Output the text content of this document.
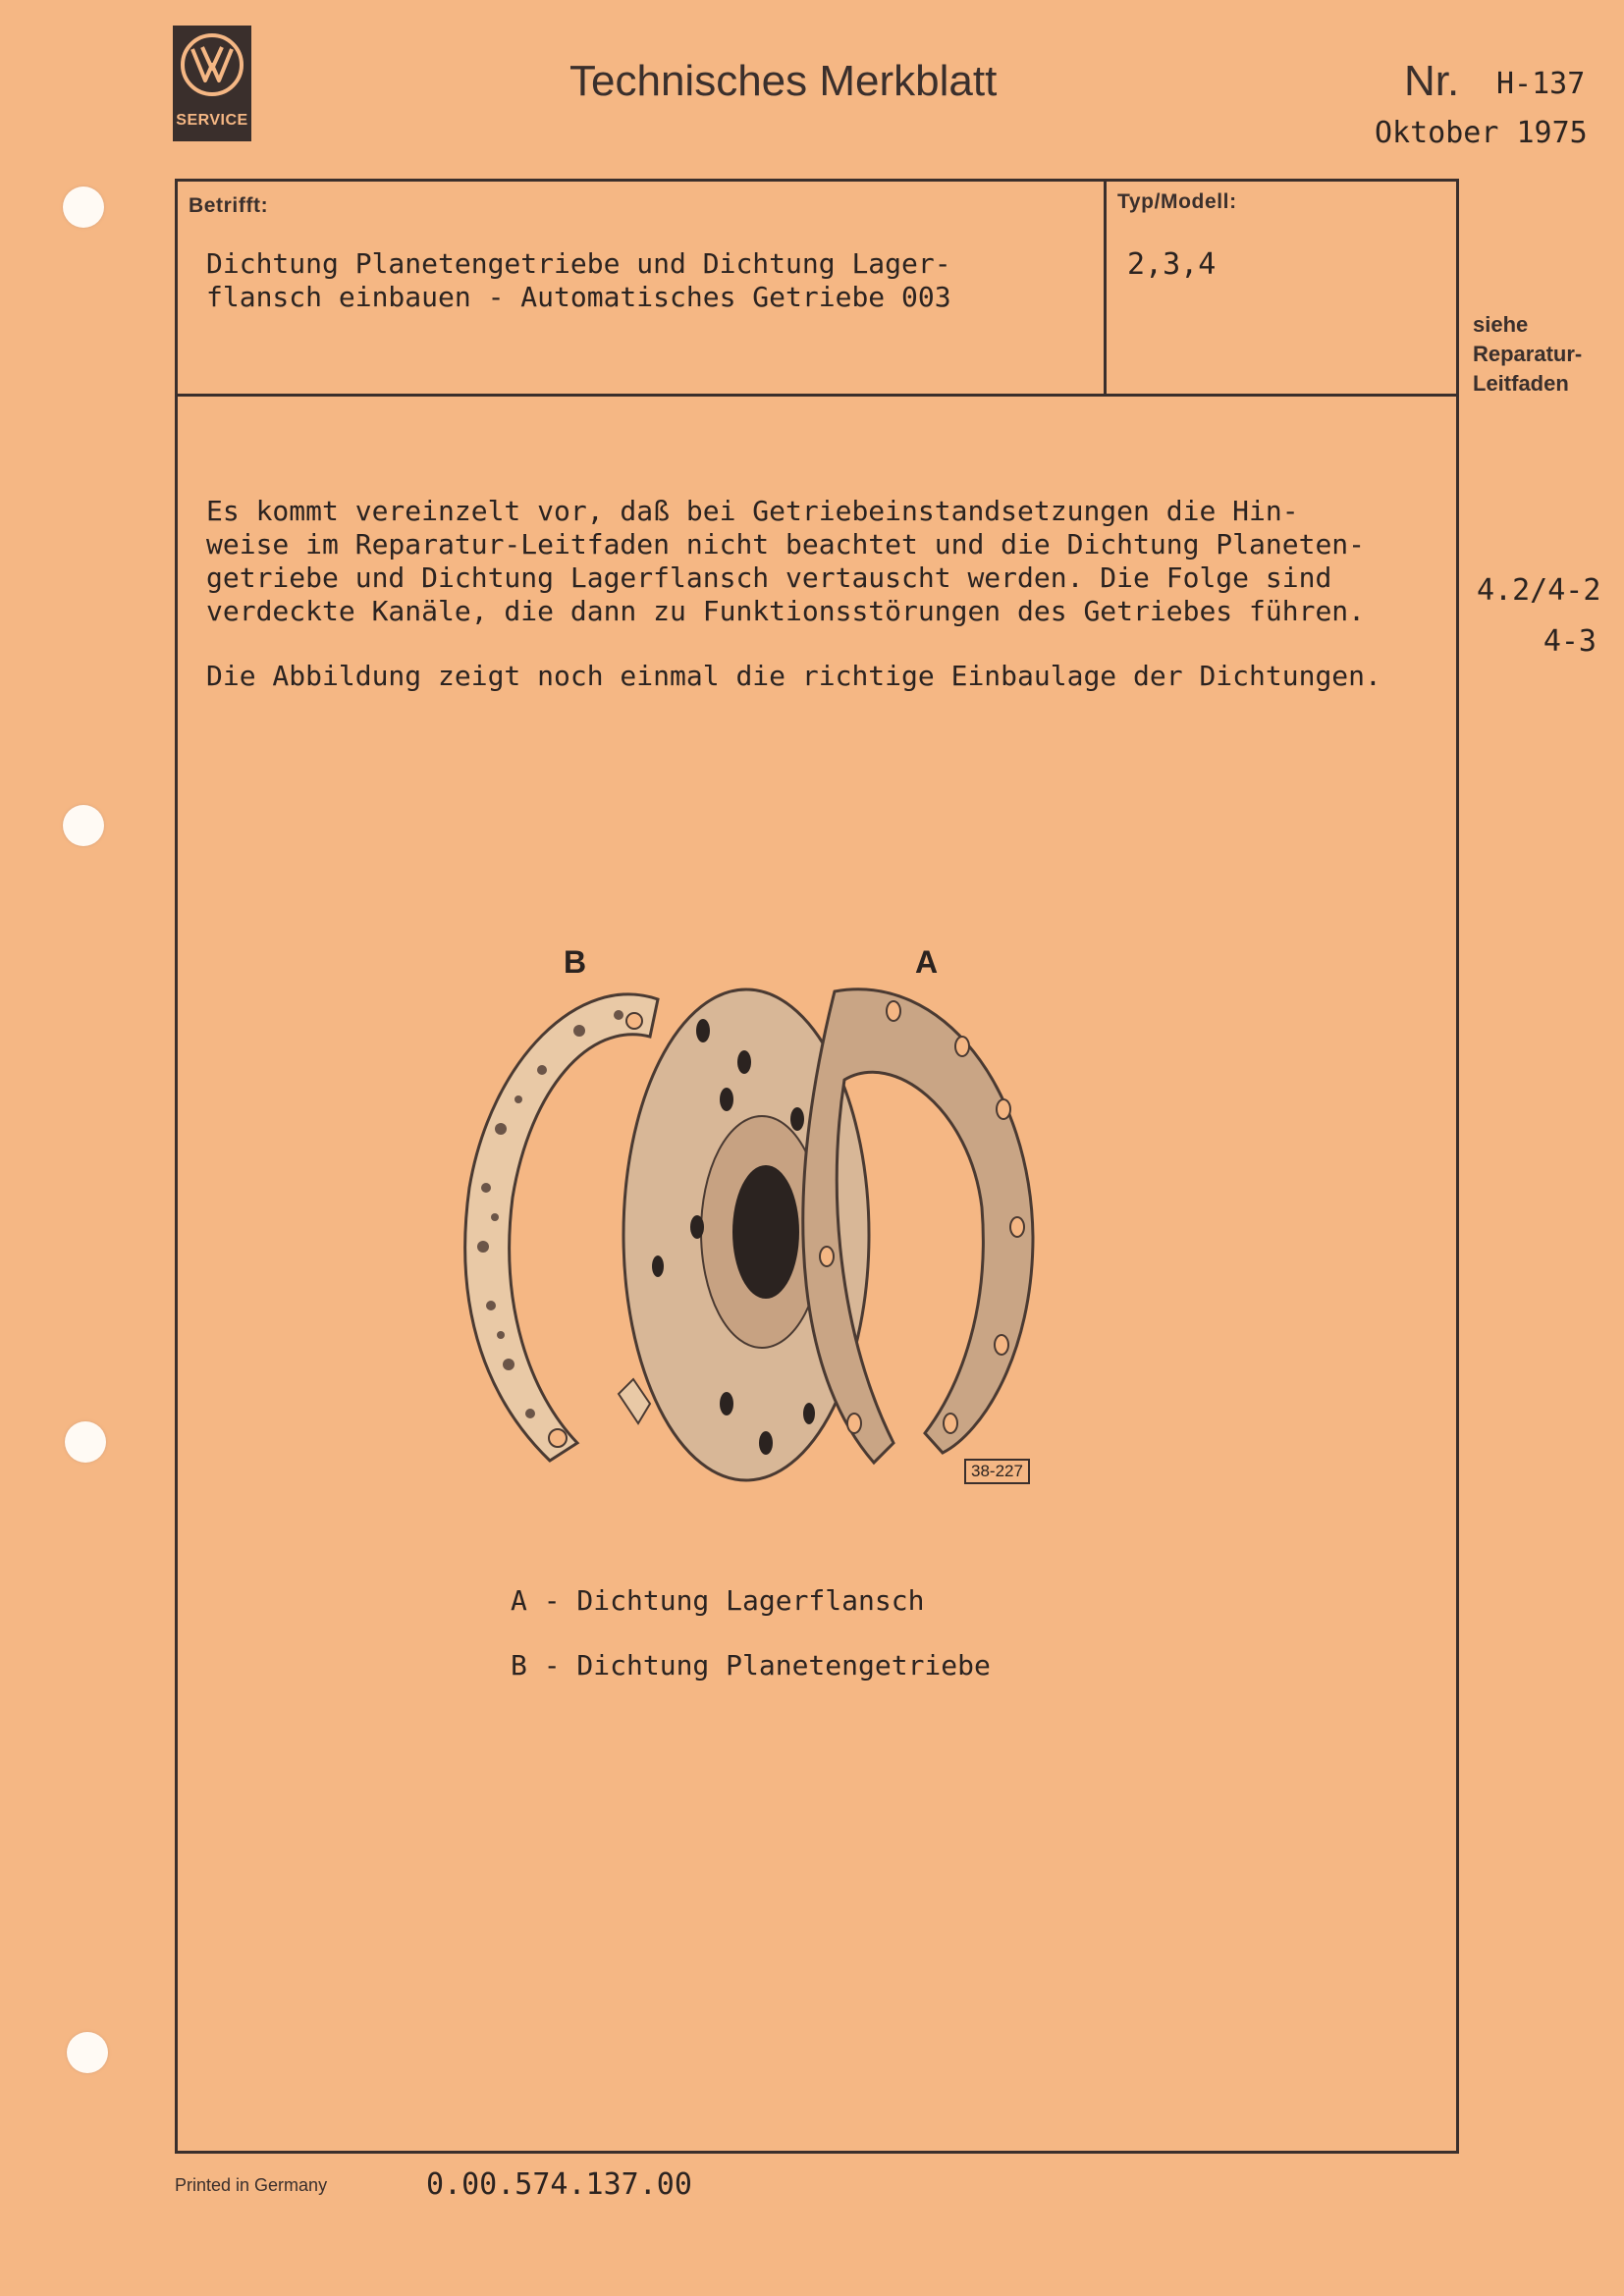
SERVICE
Technisches Merkblatt	Nr. H-137
Oktober 1975
Betrifft:
Dichtung Planetengetriebe und Dichtung Lager-
flansch einbauen - Automatisches Getriebe 003
Typ/Modell:
2,3,4
siehe
Reparatur-
Leitfaden
4.2/4-2
4-3
Es kommt vereinzelt vor, daß bei Getriebeinstandsetzungen die Hin-
weise im Reparatur-Leitfaden nicht beachtet und die Dichtung Planeten-
getriebe und Dichtung Lagerflansch vertauscht werden. Die Folge sind
verdeckte Kanäle, die dann zu Funktionsstörungen des Getriebes führen.
Die Abbildung zeigt noch einmal die richtige Einbaulage der Dichtungen.
B	A
38-227
A - Dichtung Lagerflansch
B - Dichtung Planetengetriebe
Printed in Germany	0.00.574.137.00
